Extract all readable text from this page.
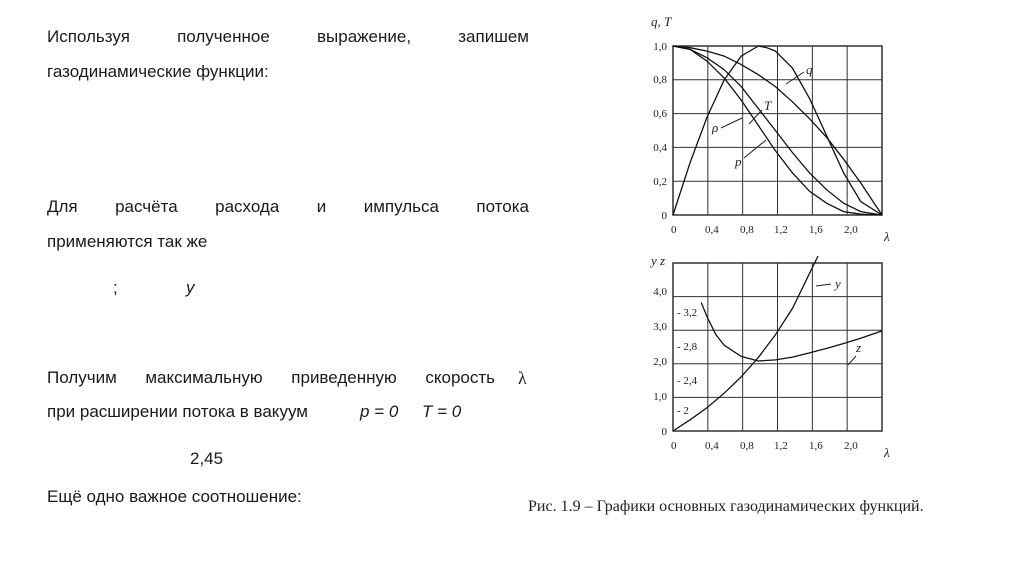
Используя полученное выражение, запишем
газодинамические функции:
Для расчёта расхода и импульса потока
применяются так же
;	y
Получим максимальную приведенную скорость λ
при расширении потока в вакуум	p = 0 T = 0
2,45
Ещё одно важное соотношение:
0
0,2
0,4
0,6
0,8
1,0
0	0,4 0,8 1,2 1,6 2,0 λ
q, T
0
1,0
2,0
3,0
4,0
0	0,4 0,8 1,2 1,6 2,0 λ
y z
- 2
- 2,4
- 2,8
- 3,2
q
T
ρ
p
y
z
Рис. 1.9 – Графики основных газодинамических функций.
